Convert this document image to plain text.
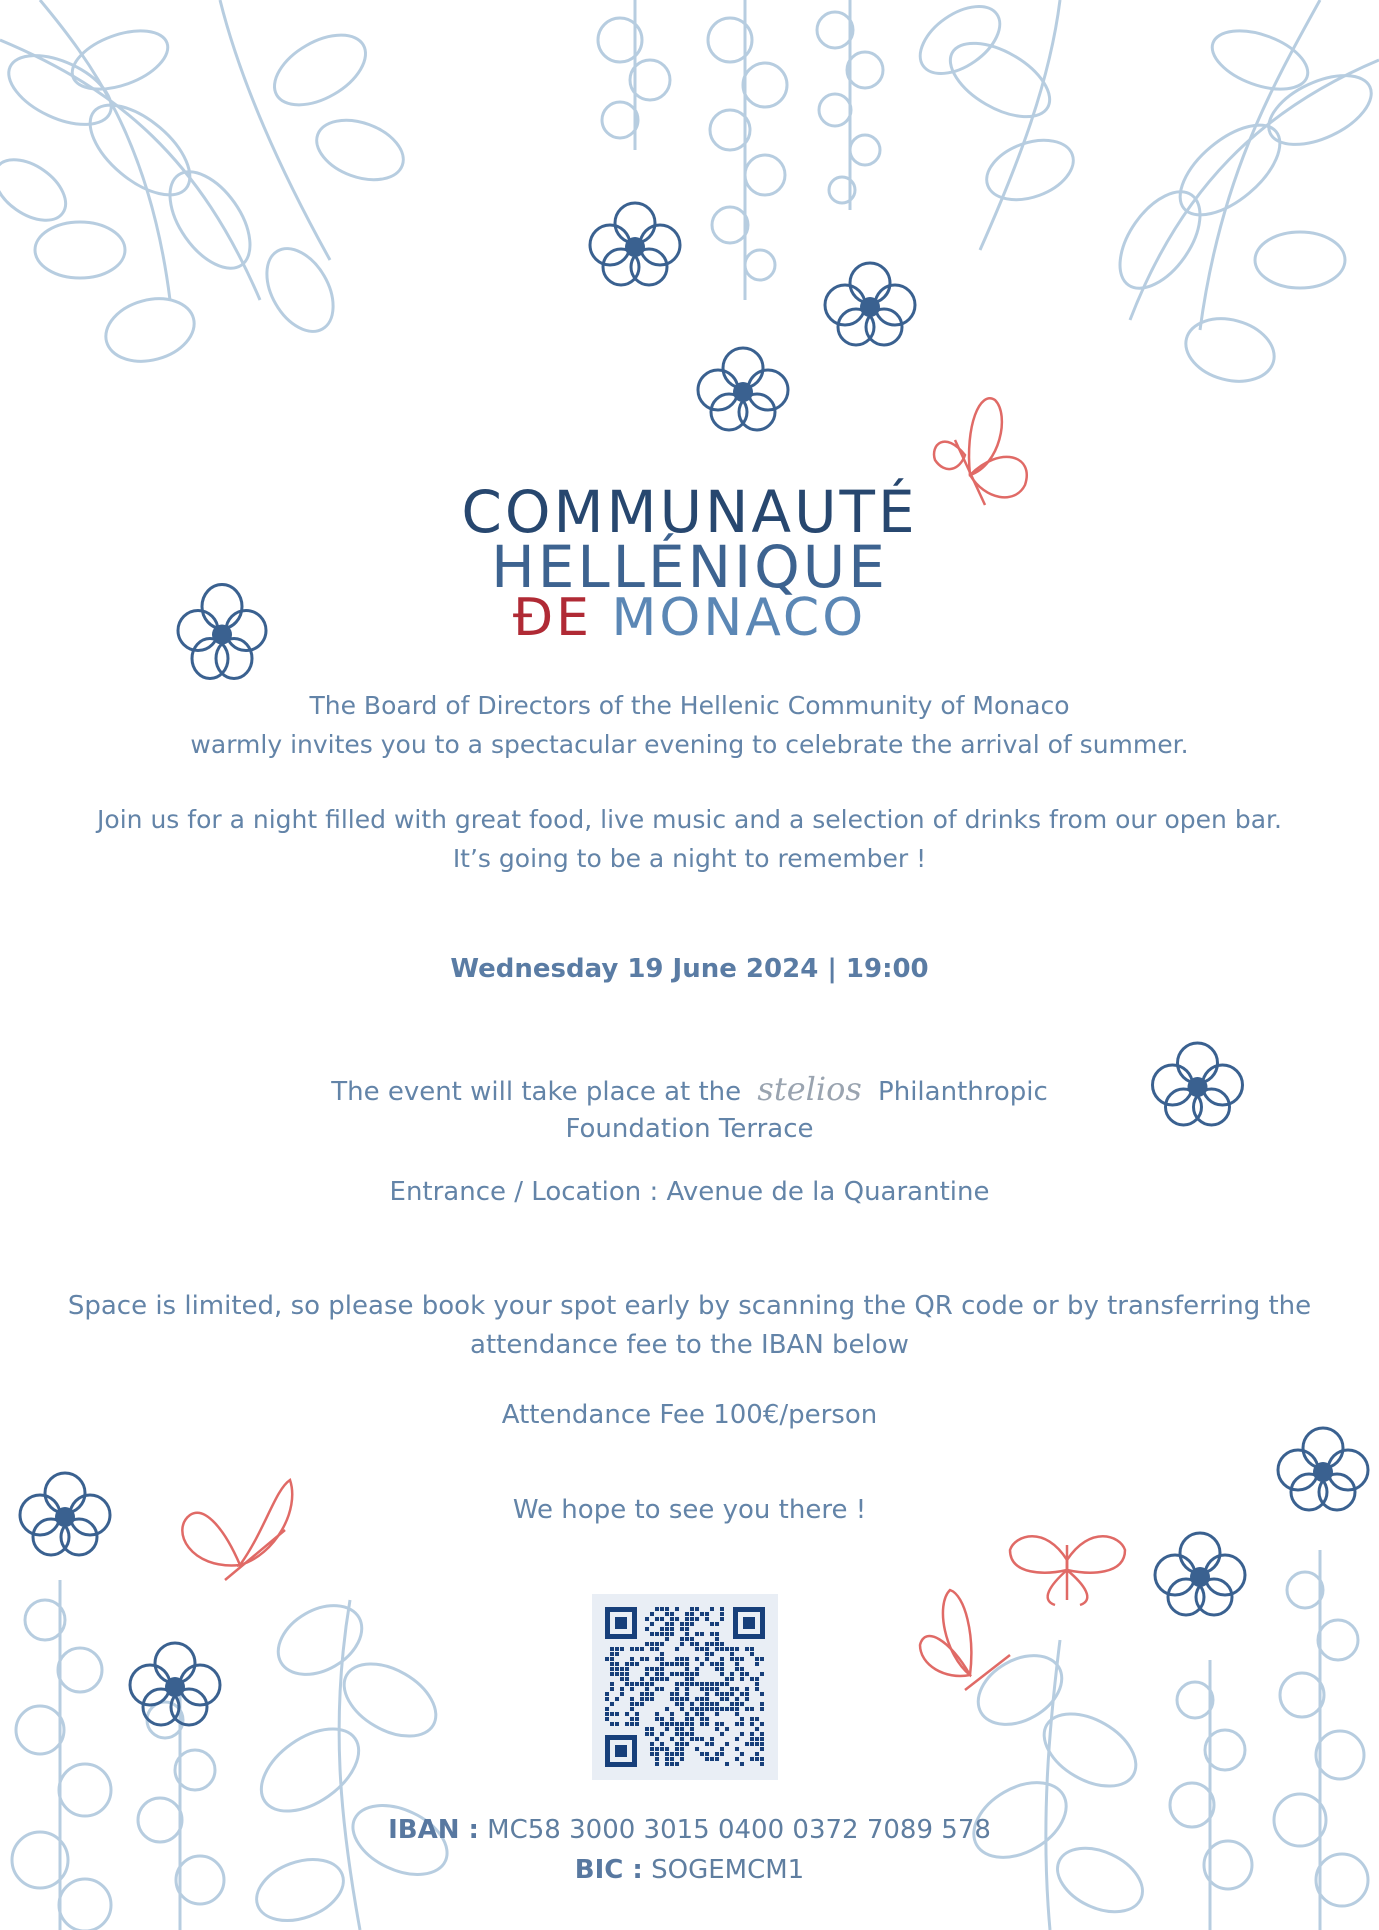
COMMUNAUTÉ
HELLÉNIQUE
ĐE MONACO
The Board of Directors of the Hellenic Community of Monaco
warmly invites you to a spectacular evening to celebrate the arrival of summer.
Join us for a night filled with great food, live music and a selection of drinks from our open bar.
It’s going to be a night to remember !
Wednesday 19 June 2024 | 19:00
The event will take place at the stelios Philanthropic
Foundation Terrace
Entrance / Location : Avenue de la Quarantine
Space is limited, so please book your spot early by scanning the QR code or by transferring the
attendance fee to the IBAN below
Attendance Fee 100€/person
We hope to see you there !
IBAN : MC58 3000 3015 0400 0372 7089 578
BIC : SOGEMCM1
